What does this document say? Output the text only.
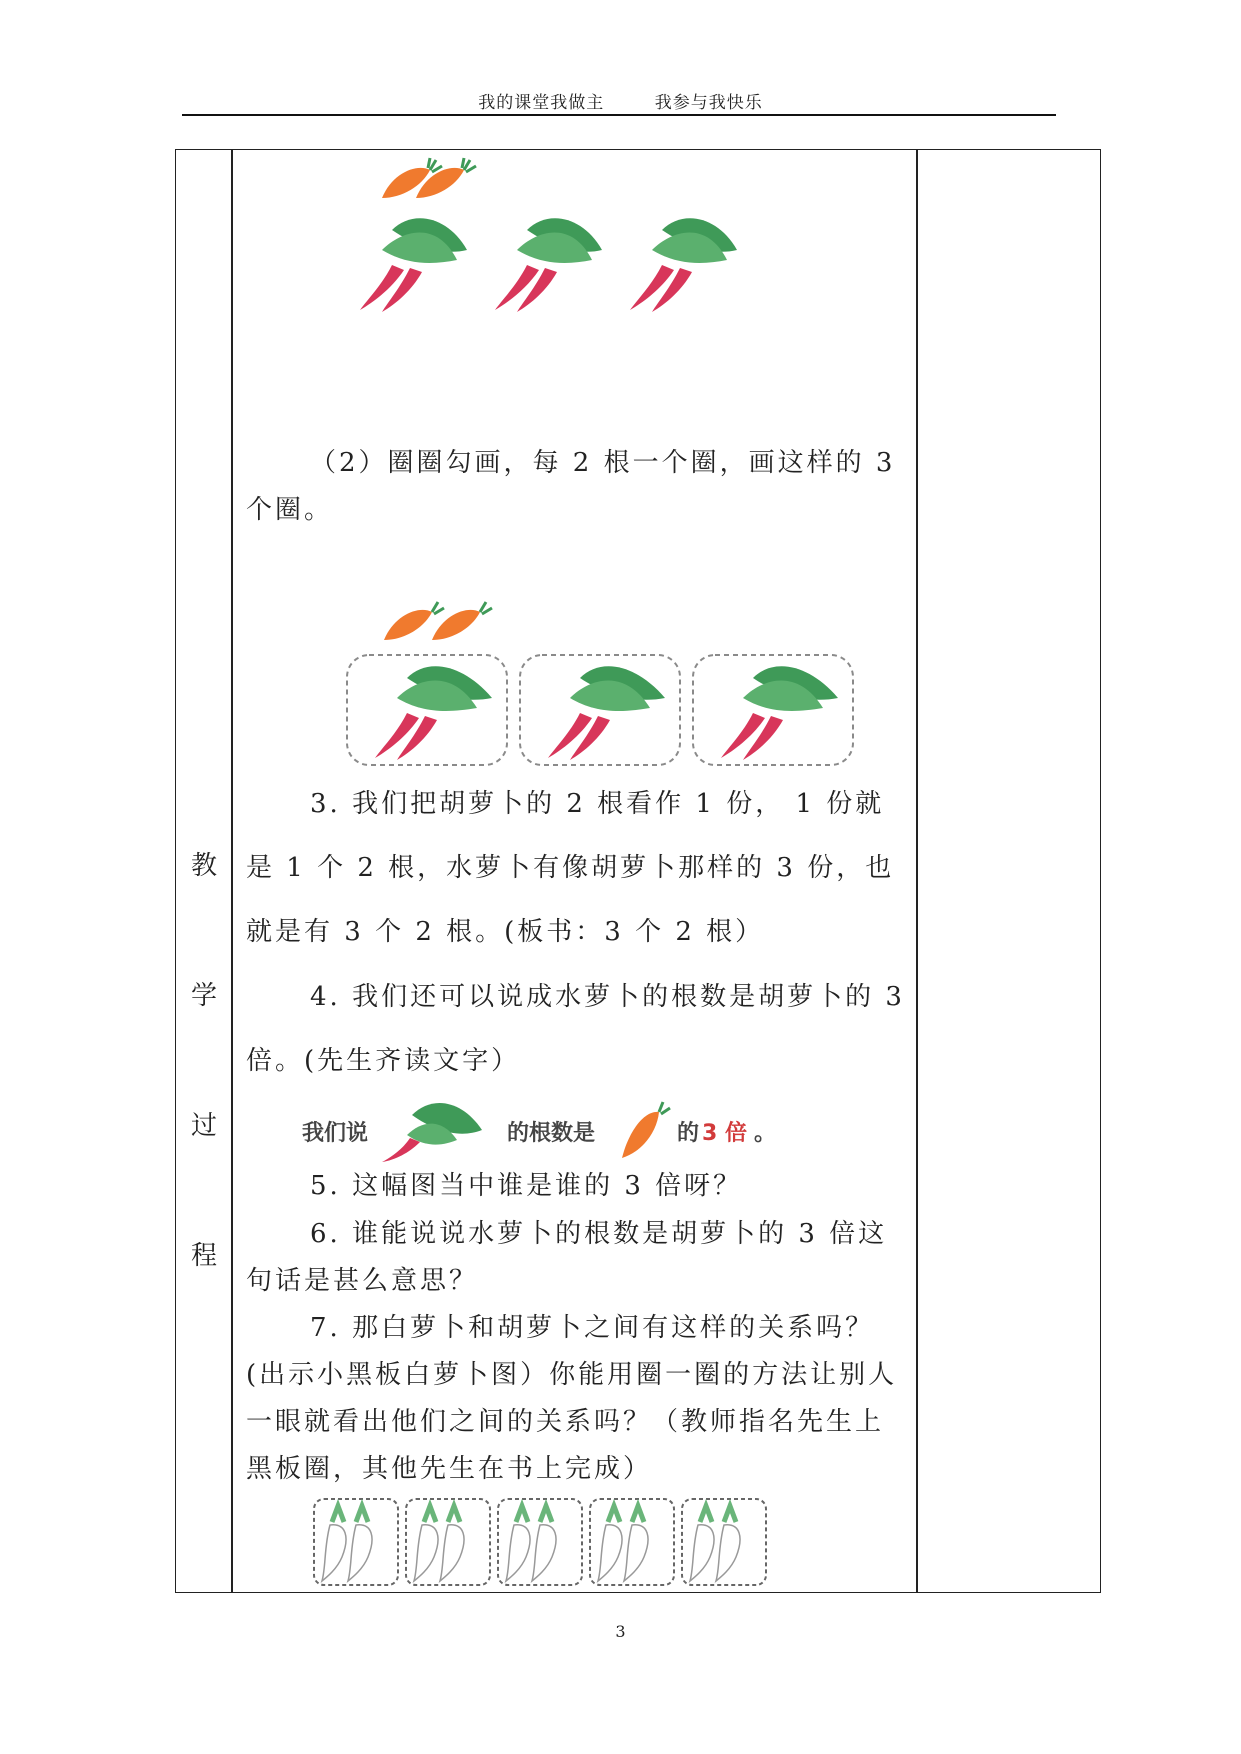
我的课堂我做主	我参与我快乐
教
学
过
程
（2）圈圈勾画，每 2 根一个圈，画这样的 3 个圈。
3. 我们把胡萝卜的 2 根看作 1 份， 1 份就是 1 个 2 根，水萝卜有像胡萝卜那样的 3 份，也就是有 3 个 2 根。(板书：3 个 2 根）
4. 我们还可以说成水萝卜的根数是胡萝卜的 3 倍。(先生齐读文字）
我们说	的根数是	的 3 倍 。
5. 这幅图当中谁是谁的 3 倍呀？
6. 谁能说说水萝卜的根数是胡萝卜的 3 倍这句话是甚么意思？
7. 那白萝卜和胡萝卜之间有这样的关系吗？(出示小黑板白萝卜图）你能用圈一圈的方法让别人一眼就看出他们之间的关系吗？（教师指名先生上黑板圈，其他先生在书上完成）
3
